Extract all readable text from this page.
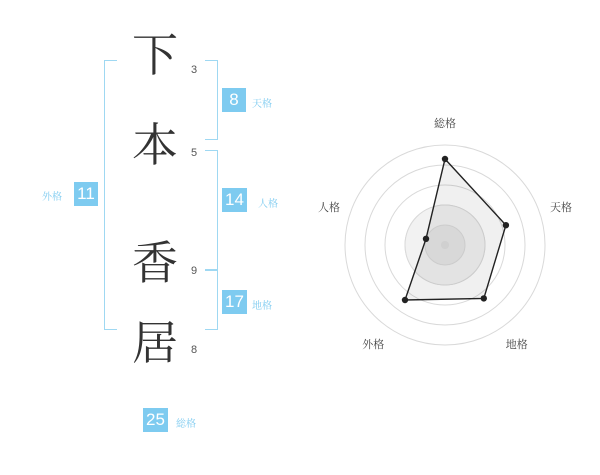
11
外格
下	3
本	5
香	9
居	8
8	天格
14	人格
17 地格
25	総格
総格
天格
地格
外格
人格
